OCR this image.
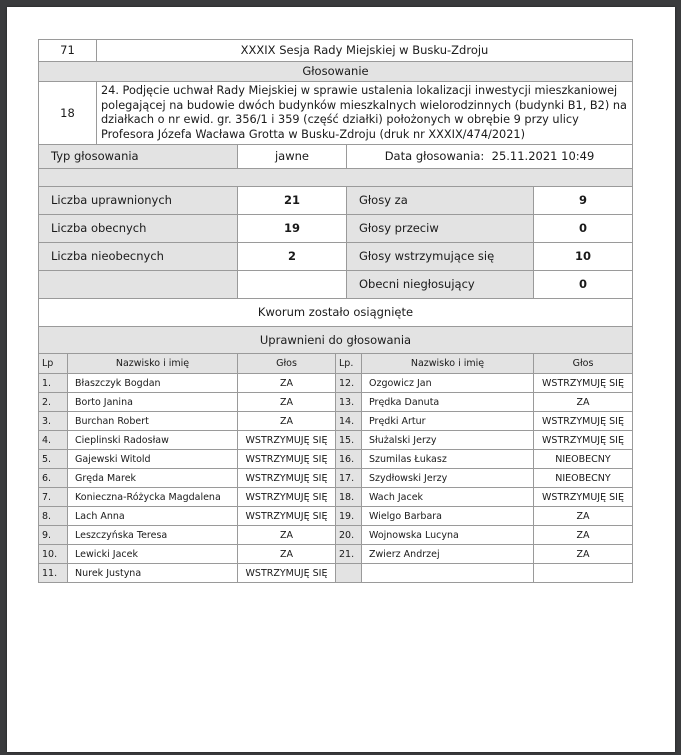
71	XXXIX Sesja Rady Miejskiej w Busku-Zdroju			
Głosowanie				
18	24. Podjęcie uchwał Rady Miejskiej w sprawie ustalenia lokalizacji inwestycji mieszkaniowej polegającej na budowie dwóch budynków mieszkalnych wielorodzinnych (budynki B1, B2) na działkach o nr ewid. gr. 356/1 i 359 (część działki) położonych w obrębie 9 przy ulicy Profesora Józefa Wacława Grotta w Busku-Zdroju (druk nr XXXIX/474/2021)			
Typ głosowania		jawne	Data głosowania: 25.11.2021 10:49	

Liczba uprawnionych		21	Głosy za	9
Liczba obecnych		19	Głosy przeciw	0
Liczba nieobecnych		2	Głosy wstrzymujące się	10
			Obecni niegłosujący	0
Kworum zostało osiągnięte				
Uprawnieni do głosowania				
Lp	Nazwisko i imię	Głos	Lp.	Nazwisko i imię	Głos
1.	Błaszczyk Bogdan	ZA	12.	Ozgowicz Jan	WSTRZYMUJĘ SIĘ
2.	Borto Janina	ZA	13.	Prędka Danuta	ZA
3.	Burchan Robert	ZA	14.	Prędki Artur	WSTRZYMUJĘ SIĘ
4.	Cieplinski Radosław	WSTRZYMUJĘ SIĘ	15.	Służalski Jerzy	WSTRZYMUJĘ SIĘ
5.	Gajewski Witold	WSTRZYMUJĘ SIĘ	16.	Szumilas Łukasz	NIEOBECNY
6.	Gręda Marek	WSTRZYMUJĘ SIĘ	17.	Szydłowski Jerzy	NIEOBECNY
7.	Konieczna-Różycka Magdalena	WSTRZYMUJĘ SIĘ	18.	Wach Jacek	WSTRZYMUJĘ SIĘ
8.	Lach Anna	WSTRZYMUJĘ SIĘ	19.	Wielgo Barbara	ZA
9.	Leszczyńska Teresa	ZA	20.	Wojnowska Lucyna	ZA
10.	Lewicki Jacek	ZA	21.	Zwierz Andrzej	ZA
11.	Nurek Justyna	WSTRZYMUJĘ SIĘ			
